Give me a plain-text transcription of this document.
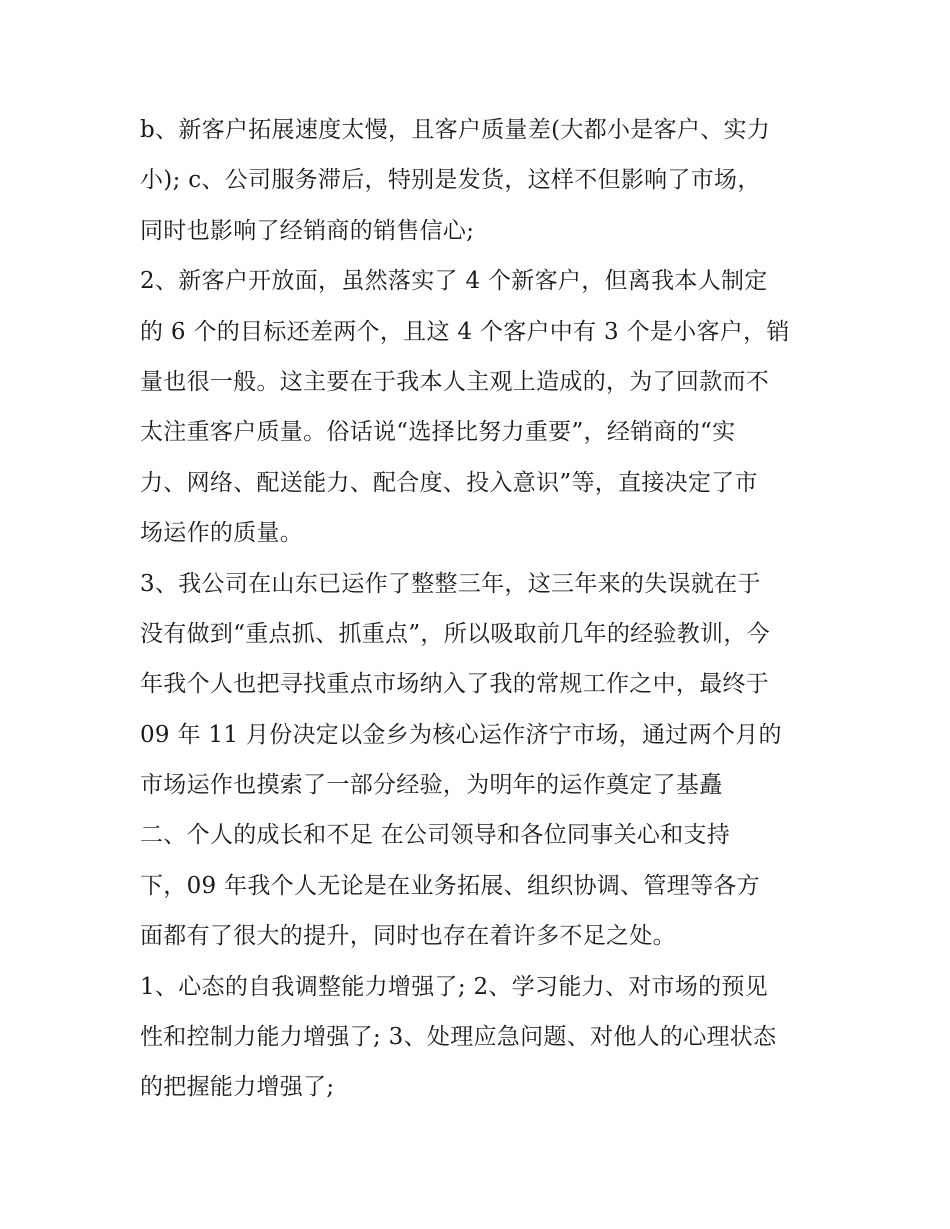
b、新客户拓展速度太慢，且客户质量差(大都小是客户、实力
小); c、公司服务滞后，特别是发货，这样不但影响了市场，
同时也影响了经销商的销售信心;
2、新客户开放面，虽然落实了 4 个新客户，但离我本人制定
的 6 个的目标还差两个，且这 4 个客户中有 3 个是小客户，销
量也很一般。这主要在于我本人主观上造成的，为了回款而不
太注重客户质量。俗话说“选择比努力重要”，经销商的“实
力、网络、配送能力、配合度、投入意识”等，直接决定了市
场运作的质量。
3、我公司在山东已运作了整整三年，这三年来的失误就在于
没有做到“重点抓、抓重点”，所以吸取前几年的经验教训，今
年我个人也把寻找重点市场纳入了我的常规工作之中，最终于
09 年 11 月份决定以金乡为核心运作济宁市场，通过两个月的
市场运作也摸索了一部分经验，为明年的运作奠定了基矗
二、个人的成长和不足 在公司领导和各位同事关心和支持
下，09 年我个人无论是在业务拓展、组织协调、管理等各方
面都有了很大的提升，同时也存在着许多不足之处。
1、心态的自我调整能力增强了; 2、学习能力、对市场的预见
性和控制力能力增强了; 3、处理应急问题、对他人的心理状态
的把握能力增强了;
